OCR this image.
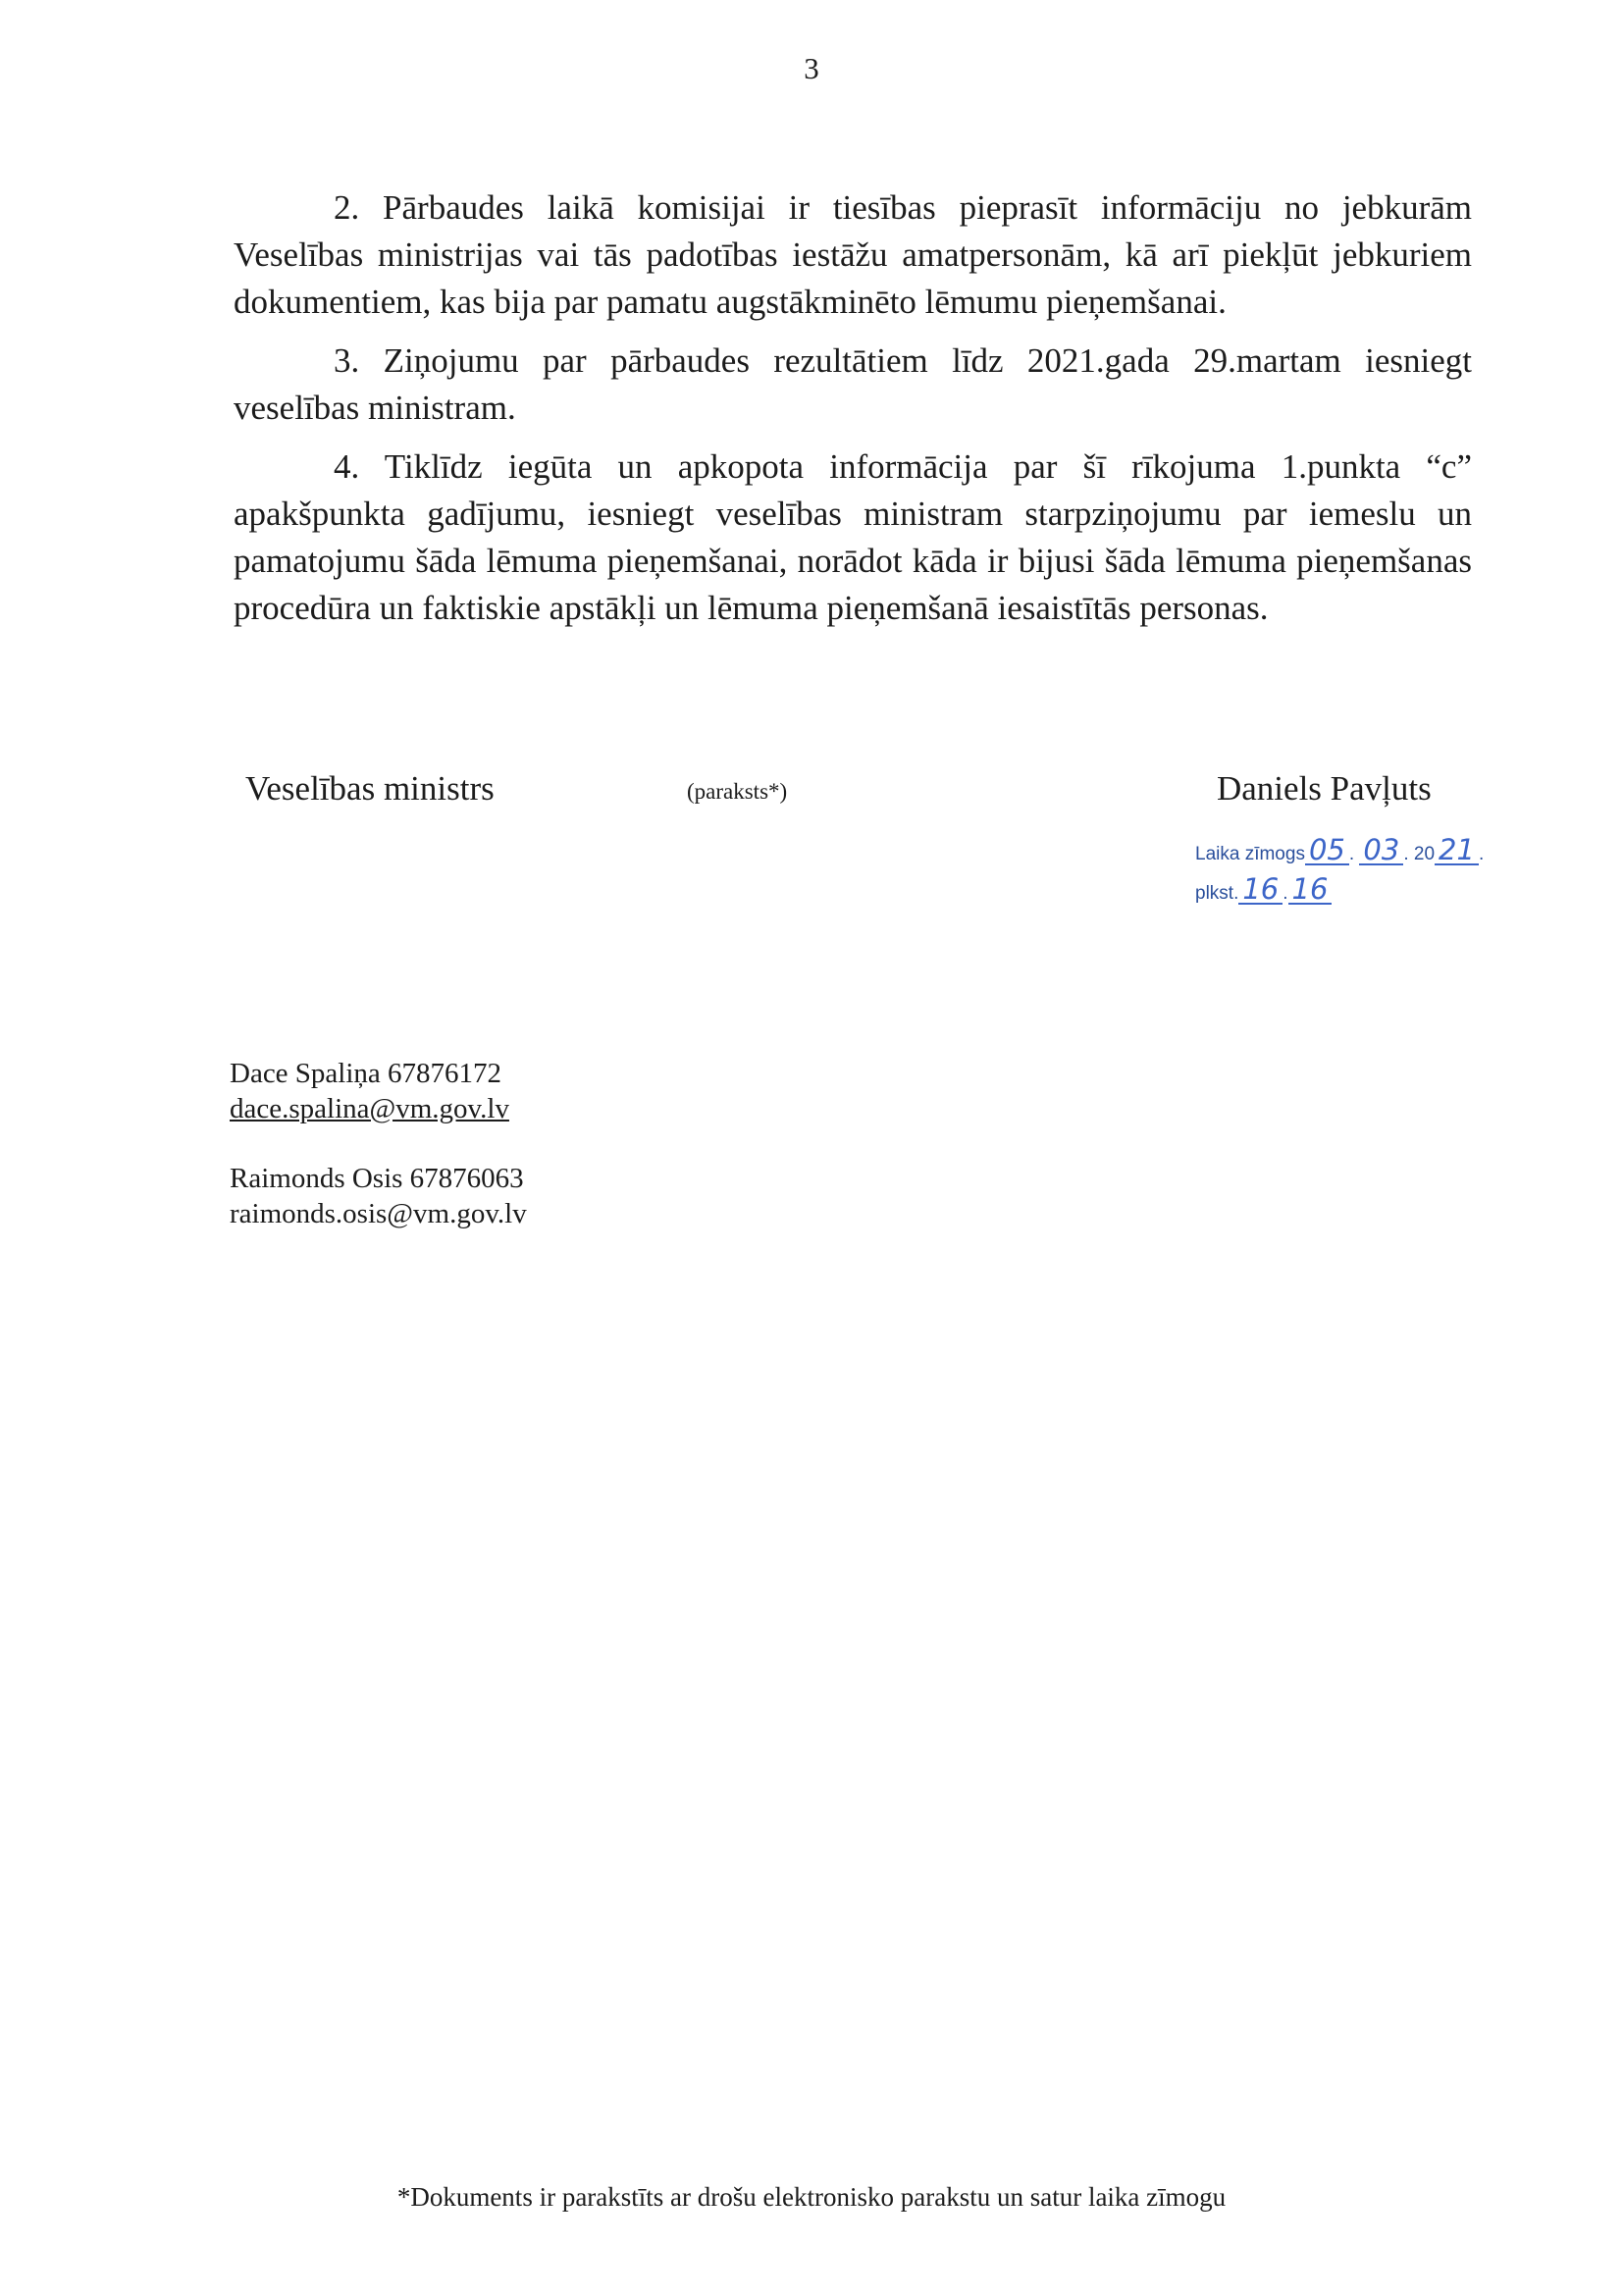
3

2. Pārbaudes laikā komisijai ir tiesības pieprasīt informāciju no jebkurām Veselības ministrijas vai tās padotības iestāžu amatpersonām, kā arī piekļūt jebkuriem dokumentiem, kas bija par pamatu augstākminēto lēmumu pieņemšanai.

3. Ziņojumu par pārbaudes rezultātiem līdz 2021.gada 29.martam iesniegt veselības ministram.

4. Tiklīdz iegūta un apkopota informācija par šī rīkojuma 1.punkta “c” apakšpunkta gadījumu, iesniegt veselības ministram starpziņojumu par iemeslu un pamatojumu šāda lēmuma pieņemšanai, norādot kāda ir bijusi šāda lēmuma pieņemšanas procedūra un faktiskie apstākļi un lēmuma pieņemšanā iesaistītās personas.

Veselības ministrs	(paraksts*)	Daniels Pavļuts
Laika zīmogs 05 . 03 . 20 21 .
plkst. 16 . 16
Dace Spaliņa 67876172
dace.spalina@vm.gov.lv
Raimonds Osis 67876063
raimonds.osis@vm.gov.lv
*Dokuments ir parakstīts ar drošu elektronisko parakstu un satur laika zīmogu
